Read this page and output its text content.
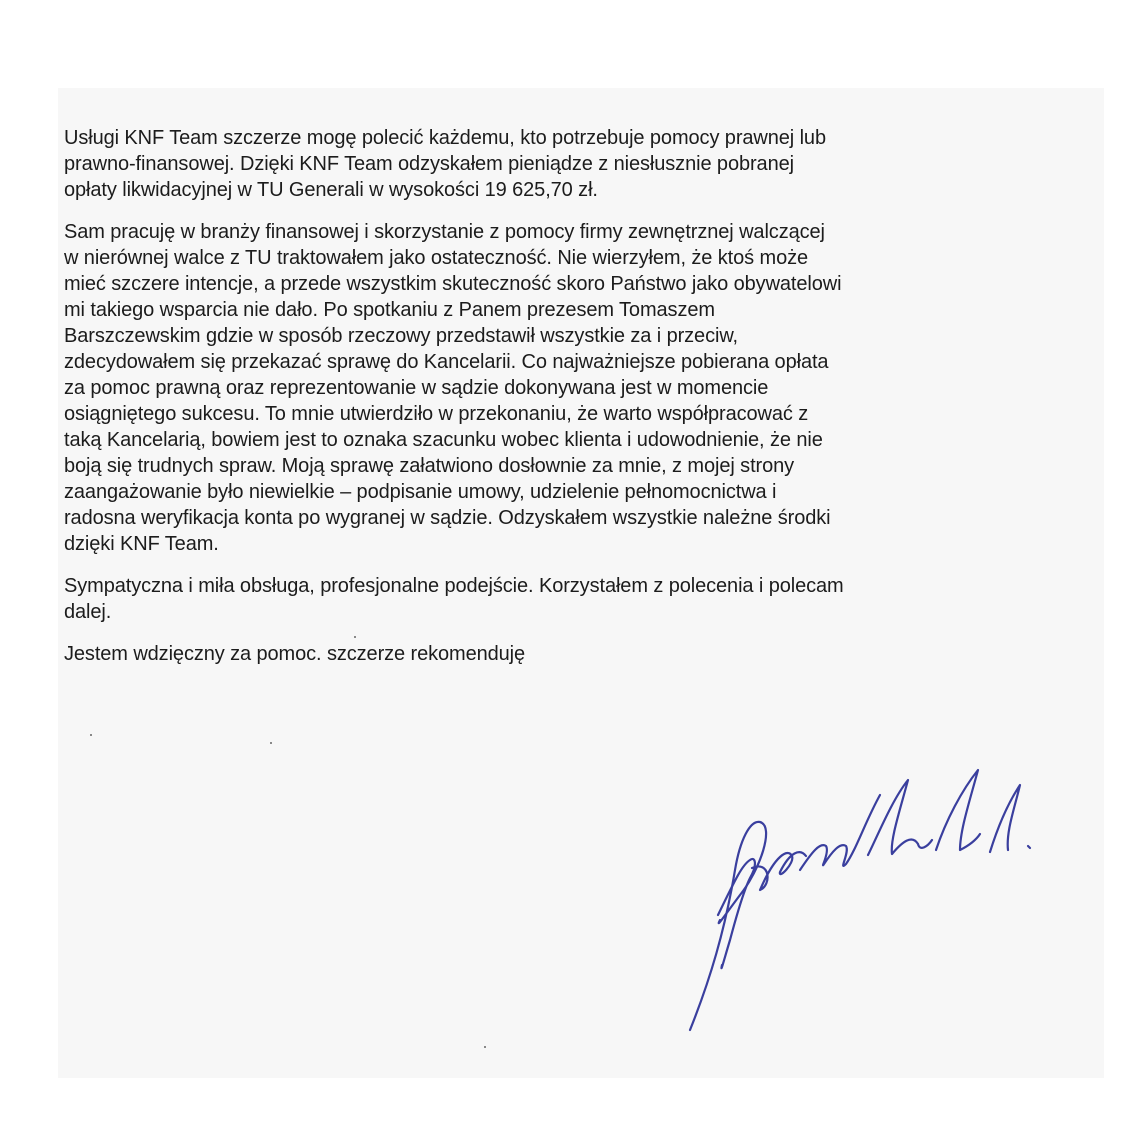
Usługi KNF Team szczerze mogę polecić każdemu, kto potrzebuje pomocy prawnej lub
prawno-finansowej. Dzięki KNF Team odzyskałem pieniądze z niesłusznie pobranej
opłaty likwidacyjnej w TU Generali w wysokości 19 625,70 zł.

Sam pracuję w branży finansowej i skorzystanie z pomocy firmy zewnętrznej walczącej
w nierównej walce z TU traktowałem jako ostateczność. Nie wierzyłem, że ktoś może
mieć szczere intencje, a przede wszystkim skuteczność skoro Państwo jako obywatelowi
mi takiego wsparcia nie dało. Po spotkaniu z Panem prezesem Tomaszem
Barszczewskim gdzie w sposób rzeczowy przedstawił wszystkie za i przeciw,
zdecydowałem się przekazać sprawę do Kancelarii. Co najważniejsze pobierana opłata
za pomoc prawną oraz reprezentowanie w sądzie dokonywana jest w momencie
osiągniętego sukcesu. To mnie utwierdziło w przekonaniu, że warto współpracować z
taką Kancelarią, bowiem jest to oznaka szacunku wobec klienta i udowodnienie, że nie
boją się trudnych spraw. Moją sprawę załatwiono dosłownie za mnie, z mojej strony
zaangażowanie było niewielkie – podpisanie umowy, udzielenie pełnomocnictwa i
radosna weryfikacja konta po wygranej w sądzie. Odzyskałem wszystkie należne środki
dzięki KNF Team.

Sympatyczna i miła obsługa, profesjonalne podejście. Korzystałem z polecenia i polecam
dalej.

Jestem wdzięczny za pomoc. szczerze rekomenduję
